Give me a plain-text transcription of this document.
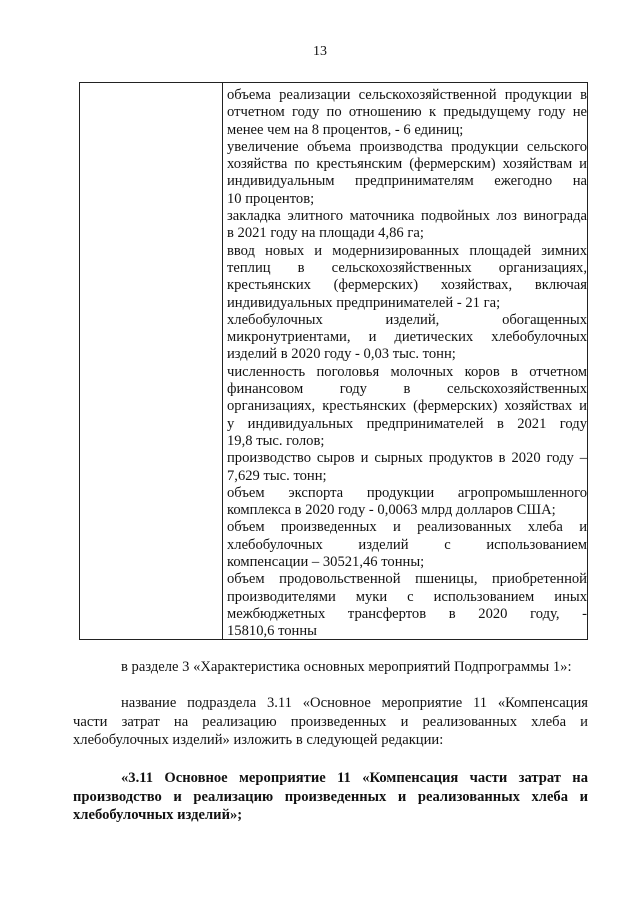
13
объема реализации сельскохозяйственной продукции в
отчетном году по отношению к предыдущему году не
менее чем на 8 процентов, - 6 единиц;
увеличение объема производства продукции сельского
хозяйства по крестьянским (фермерским) хозяйствам и
индивидуальным предпринимателям ежегодно на
10 процентов;
закладка элитного маточника подвойных лоз винограда
в 2021 году на площади 4,86 га;
ввод новых и модернизированных площадей зимних
теплиц в сельскохозяйственных организациях,
крестьянских (фермерских) хозяйствах, включая
индивидуальных предпринимателей - 21 га;
хлебобулочных изделий, обогащенных
микронутриентами, и диетических хлебобулочных
изделий в 2020 году - 0,03 тыс. тонн;
численность поголовья молочных коров в отчетном
финансовом году в сельскохозяйственных
организациях, крестьянских (фермерских) хозяйствах и
у индивидуальных предпринимателей в 2021 году
19,8 тыс. голов;
производство сыров и сырных продуктов в 2020 году –
7,629 тыс. тонн;
объем экспорта продукции агропромышленного
комплекса в 2020 году - 0,0063 млрд долларов США;
объем произведенных и реализованных хлеба и
хлебобулочных изделий с использованием
компенсации – 30521,46 тонны;
объем продовольственной пшеницы, приобретенной
производителями муки с использованием иных
межбюджетных трансфертов в 2020 году, -
15810,6 тонны
в разделе 3 «Характеристика основных мероприятий Подпрограммы 1»:
название подраздела 3.11 «Основное мероприятие 11 «Компенсация
части затрат на реализацию произведенных и реализованных хлеба и
хлебобулочных изделий» изложить в следующей редакции:
«3.11 Основное мероприятие 11 «Компенсация части затрат на
производство и реализацию произведенных и реализованных хлеба и
хлебобулочных изделий»;
